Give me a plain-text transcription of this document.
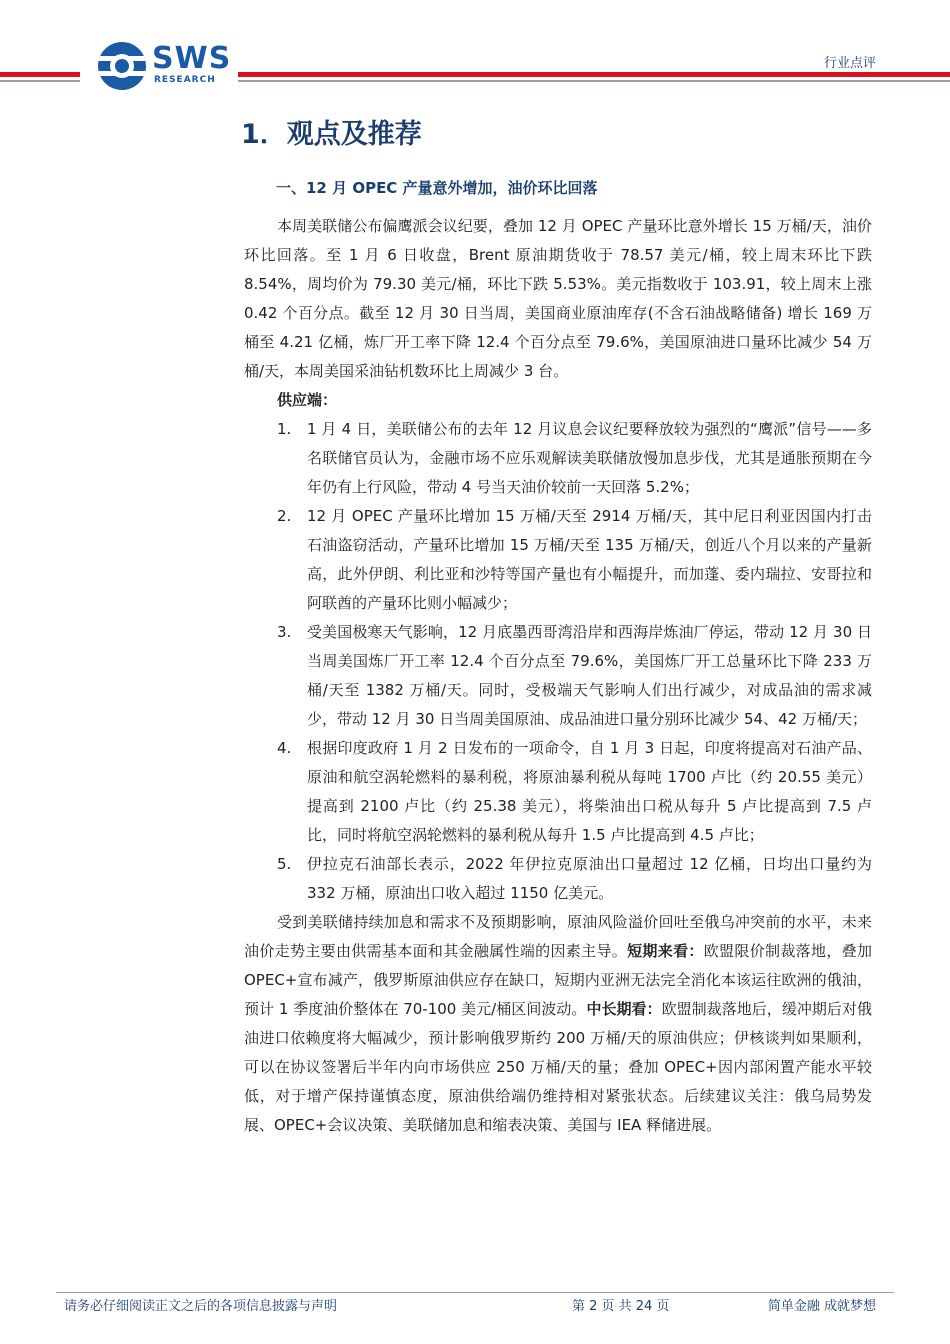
SWS
RESEARCH
行业点评
1．观点及推荐
一、12 月 OPEC 产量意外增加，油价环比回落

本周美联储公布偏鹰派会议纪要，叠加 12 月 OPEC 产量环比意外增长 15 万桶/天，油价环比回落。至 1 月 6 日收盘，Brent 原油期货收于 78.57 美元/桶，较上周末环比下跌 8.54%，周均价为 79.30 美元/桶，环比下跌 5.53%。美元指数收于 103.91，较上周末上涨 0.42 个百分点。截至 12 月 30 日当周，美国商业原油库存(不含石油战略储备) 增长 169 万桶至 4.21 亿桶，炼厂开工率下降 12.4 个百分点至 79.6%，美国原油进口量环比减少 54 万桶/天，本周美国采油钻机数环比上周减少 3 台。

供应端：
1. 1 月 4 日，美联储公布的去年 12 月议息会议纪要释放较为强烈的“鹰派”信号——多名联储官员认为，金融市场不应乐观解读美联储放慢加息步伐，尤其是通胀预期在今年仍有上行风险，带动 4 号当天油价较前一天回落 5.2%；
2. 12 月 OPEC 产量环比增加 15 万桶/天至 2914 万桶/天，其中尼日利亚因国内打击石油盗窃活动，产量环比增加 15 万桶/天至 135 万桶/天，创近八个月以来的产量新高，此外伊朗、利比亚和沙特等国产量也有小幅提升，而加蓬、委内瑞拉、安哥拉和阿联酋的产量环比则小幅减少；
3. 受美国极寒天气影响，12 月底墨西哥湾沿岸和西海岸炼油厂停运，带动 12 月 30 日当周美国炼厂开工率 12.4 个百分点至 79.6%，美国炼厂开工总量环比下降 233 万桶/天至 1382 万桶/天。同时，受极端天气影响人们出行减少，对成品油的需求减少，带动 12 月 30 日当周美国原油、成品油进口量分别环比减少 54、42 万桶/天；
4. 根据印度政府 1 月 2 日发布的一项命令，自 1 月 3 日起，印度将提高对石油产品、原油和航空涡轮燃料的暴利税，将原油暴利税从每吨 1700 卢比（约 20.55 美元）提高到 2100 卢比（约 25.38 美元），将柴油出口税从每升 5 卢比提高到 7.5 卢比，同时将航空涡轮燃料的暴利税从每升 1.5 卢比提高到 4.5 卢比；
5. 伊拉克石油部长表示，2022 年伊拉克原油出口量超过 12 亿桶，日均出口量约为 332 万桶，原油出口收入超过 1150 亿美元。

受到美联储持续加息和需求不及预期影响，原油风险溢价回吐至俄乌冲突前的水平，未来油价走势主要由供需基本面和其金融属性端的因素主导。短期来看：欧盟限价制裁落地，叠加 OPEC+宣布减产，俄罗斯原油供应存在缺口，短期内亚洲无法完全消化本该运往欧洲的俄油，预计 1 季度油价整体在 70-100 美元/桶区间波动。中长期看：欧盟制裁落地后，缓冲期后对俄油进口依赖度将大幅减少，预计影响俄罗斯约 200 万桶/天的原油供应；伊核谈判如果顺利，可以在协议签署后半年内向市场供应 250 万桶/天的量；叠加 OPEC+因内部闲置产能水平较低，对于增产保持谨慎态度，原油供给端仍维持相对紧张状态。后续建议关注：俄乌局势发展、OPEC+会议决策、美联储加息和缩表决策、美国与 IEA 释储进展。

请务必仔细阅读正文之后的各项信息披露与声明	第 2 页 共 24 页	简单金融 成就梦想
